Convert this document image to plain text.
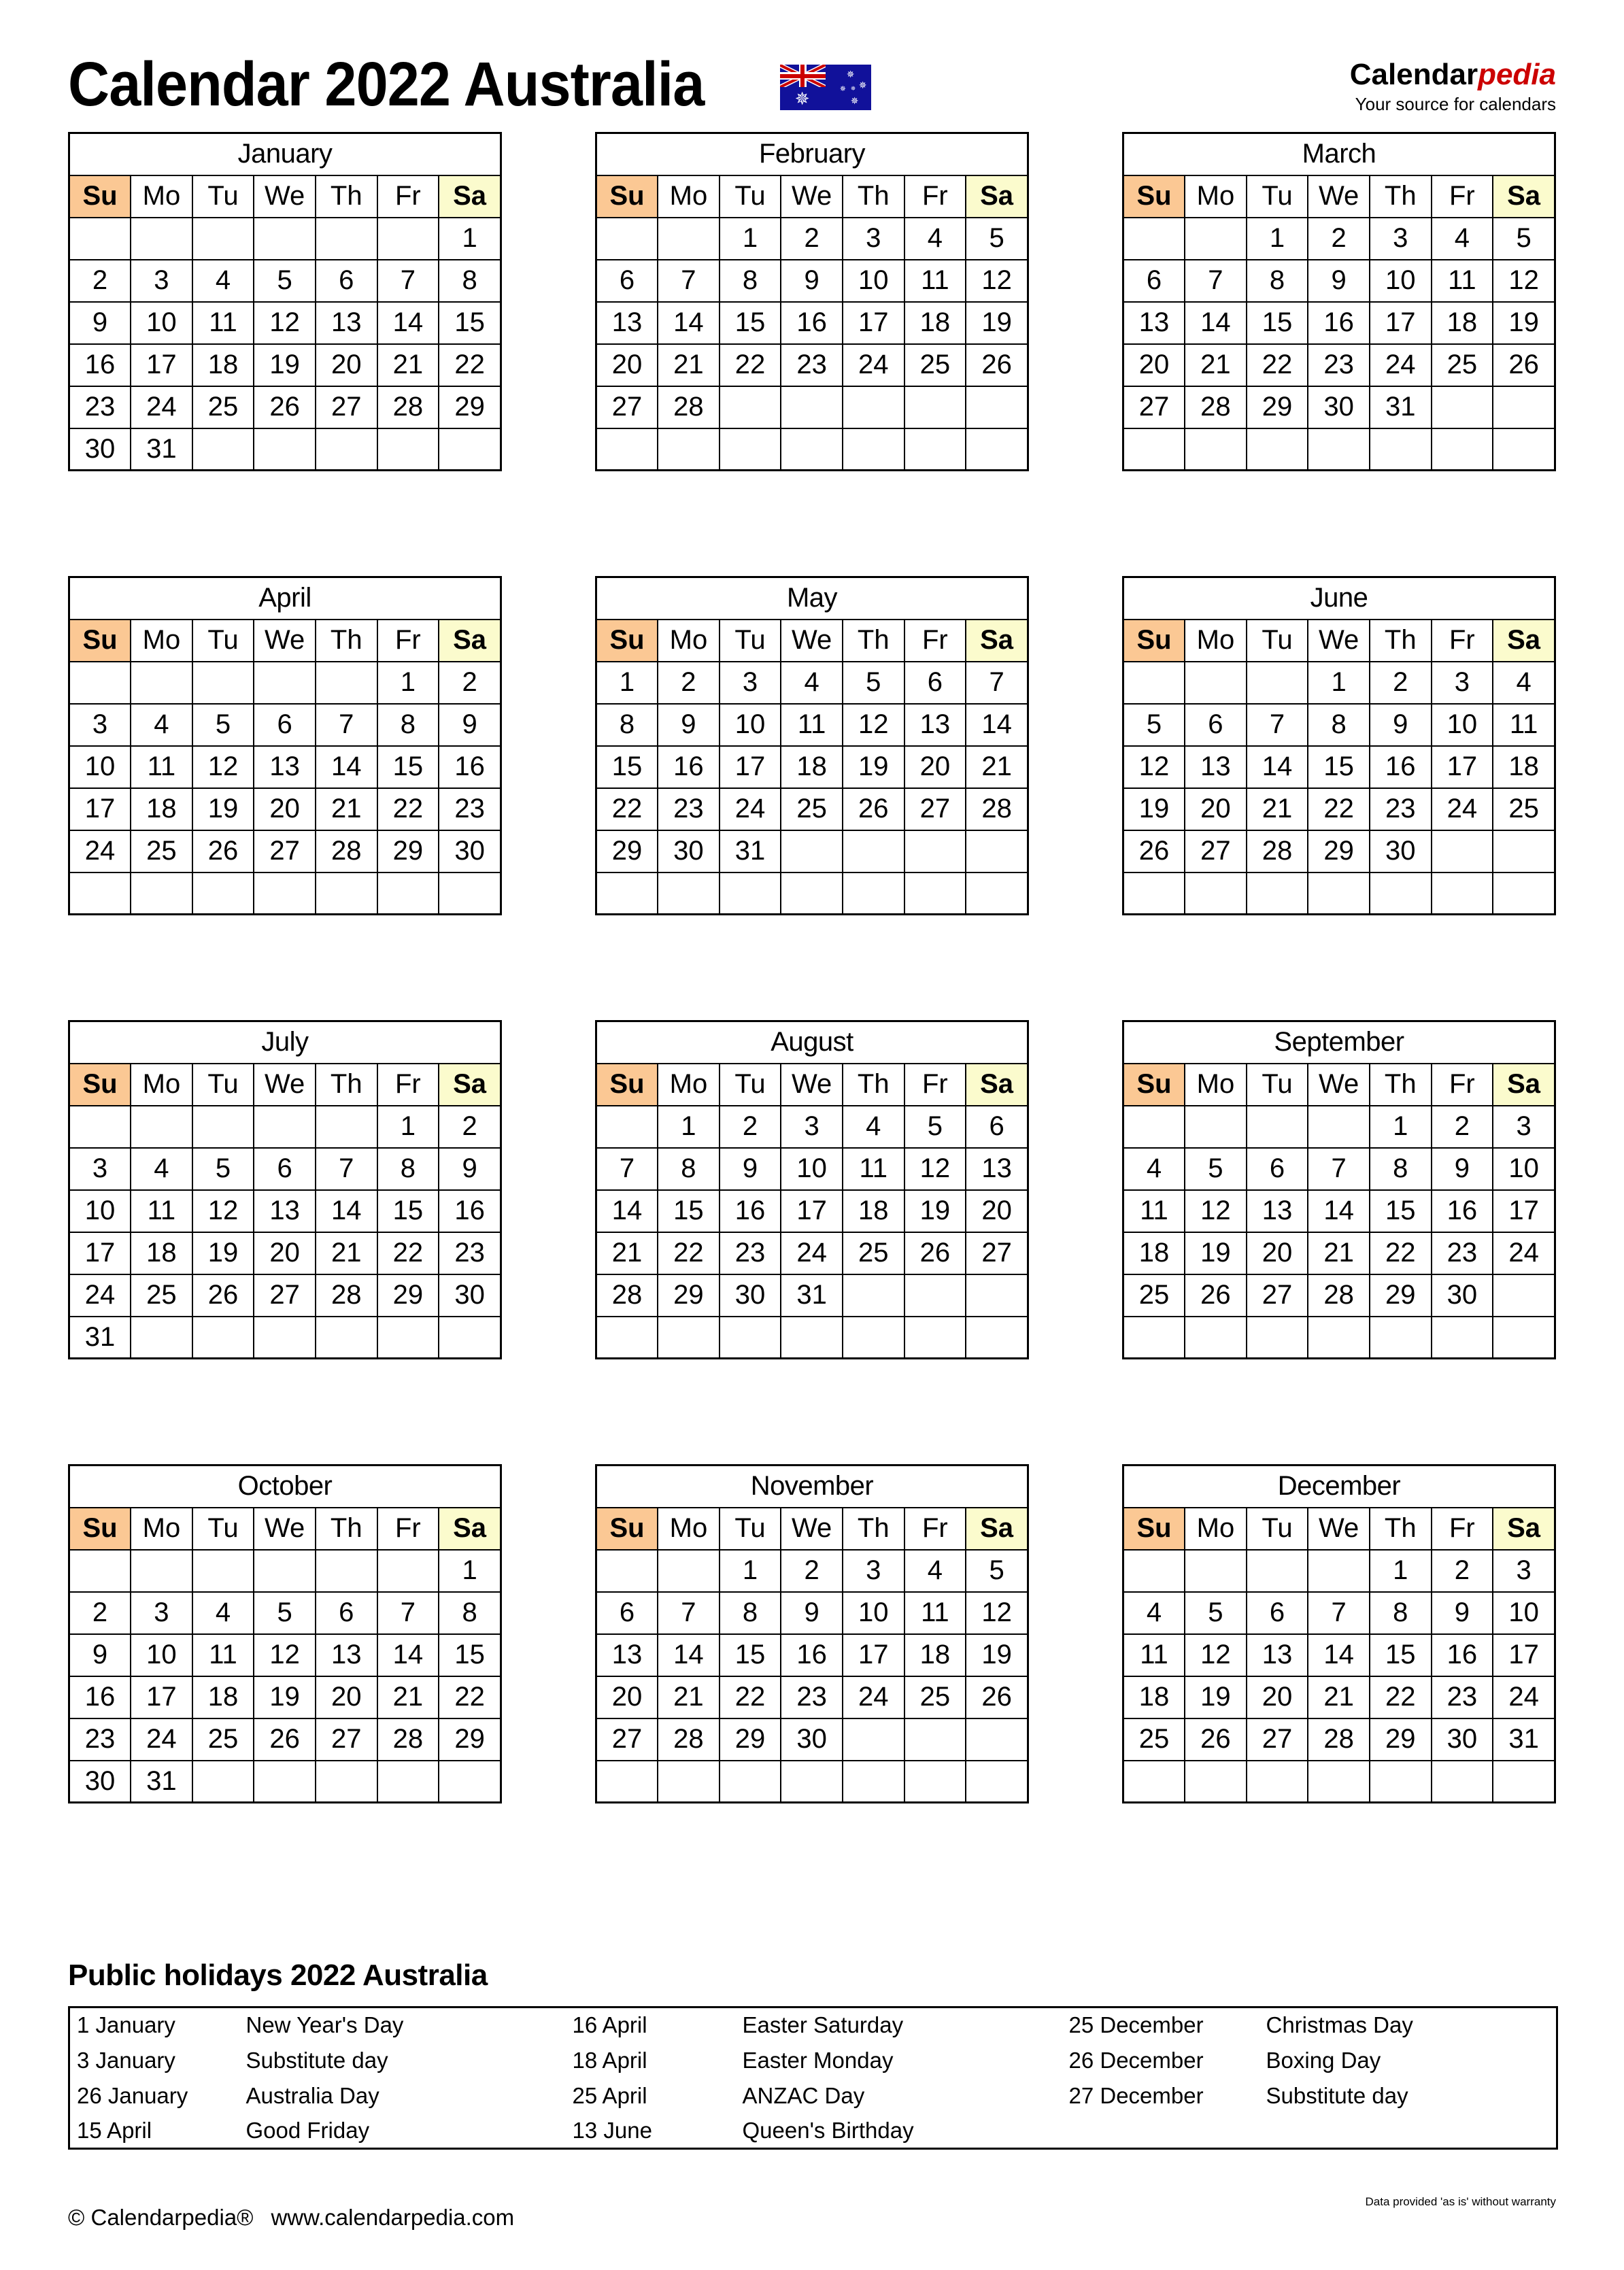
Calendar 2022 Australia	✵
✵
✵
✵
✵
✵	Calendarpedia
Your source for calendars
January						
Su	Mo	Tu	We	Th	Fr	Sa
						1
2	3	4	5	6	7	8
9	10	11	12	13	14	15
16	17	18	19	20	21	22
23	24	25	26	27	28	29
30	31					
February						
Su	Mo	Tu	We	Th	Fr	Sa
		1	2	3	4	5
6	7	8	9	10	11	12
13	14	15	16	17	18	19
20	21	22	23	24	25	26
27	28					

March						
Su	Mo	Tu	We	Th	Fr	Sa
		1	2	3	4	5
6	7	8	9	10	11	12
13	14	15	16	17	18	19
20	21	22	23	24	25	26
27	28	29	30	31		

April						
Su	Mo	Tu	We	Th	Fr	Sa
					1	2
3	4	5	6	7	8	9
10	11	12	13	14	15	16
17	18	19	20	21	22	23
24	25	26	27	28	29	30

May						
Su	Mo	Tu	We	Th	Fr	Sa
1	2	3	4	5	6	7
8	9	10	11	12	13	14
15	16	17	18	19	20	21
22	23	24	25	26	27	28
29	30	31				

June						
Su	Mo	Tu	We	Th	Fr	Sa
			1	2	3	4
5	6	7	8	9	10	11
12	13	14	15	16	17	18
19	20	21	22	23	24	25
26	27	28	29	30		

July						
Su	Mo	Tu	We	Th	Fr	Sa
					1	2
3	4	5	6	7	8	9
10	11	12	13	14	15	16
17	18	19	20	21	22	23
24	25	26	27	28	29	30
31						
August						
Su	Mo	Tu	We	Th	Fr	Sa
	1	2	3	4	5	6
7	8	9	10	11	12	13
14	15	16	17	18	19	20
21	22	23	24	25	26	27
28	29	30	31			

September						
Su	Mo	Tu	We	Th	Fr	Sa
				1	2	3
4	5	6	7	8	9	10
11	12	13	14	15	16	17
18	19	20	21	22	23	24
25	26	27	28	29	30	

October						
Su	Mo	Tu	We	Th	Fr	Sa
						1
2	3	4	5	6	7	8
9	10	11	12	13	14	15
16	17	18	19	20	21	22
23	24	25	26	27	28	29
30	31					
November						
Su	Mo	Tu	We	Th	Fr	Sa
		1	2	3	4	5
6	7	8	9	10	11	12
13	14	15	16	17	18	19
20	21	22	23	24	25	26
27	28	29	30			

December						
Su	Mo	Tu	We	Th	Fr	Sa
				1	2	3
4	5	6	7	8	9	10
11	12	13	14	15	16	17
18	19	20	21	22	23	24
25	26	27	28	29	30	31

Public holidays 2022 Australia
1 January	New Year's Day	16 April	Easter Saturday	25 December	Christmas Day
3 January	Substitute day	18 April	Easter Monday	26 December	Boxing Day
26 January	Australia Day	25 April	ANZAC Day	27 December	Substitute day
15 April	Good Friday	13 June	Queen's Birthday		
© Calendarpedia® www.calendarpedia.com
Data provided 'as is' without warranty
